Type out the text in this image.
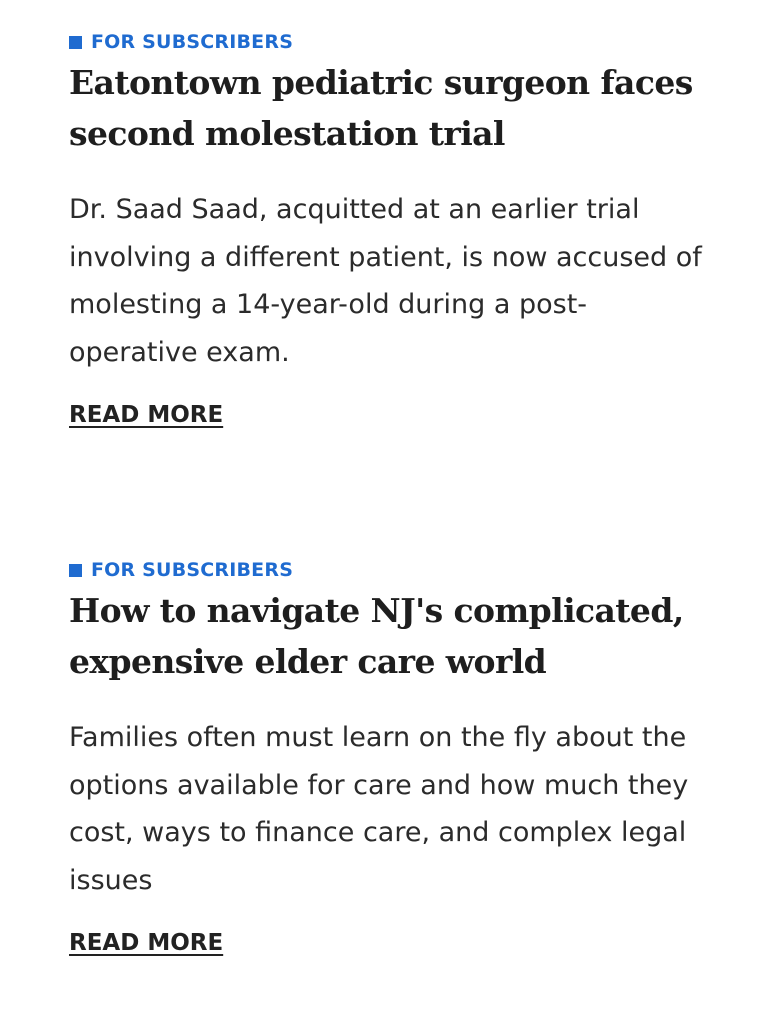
FOR SUBSCRIBERS
Eatontown pediatric surgeon faces second molestation trial

Dr. Saad Saad, acquitted at an earlier trial involving a different patient, is now accused of molesting a 14-year-old during a post-operative exam.

READ MORE
FOR SUBSCRIBERS
How to navigate NJ's complicated, expensive elder care world

Families often must learn on the fly about the options available for care and how much they cost, ways to finance care, and complex legal issues

READ MORE
